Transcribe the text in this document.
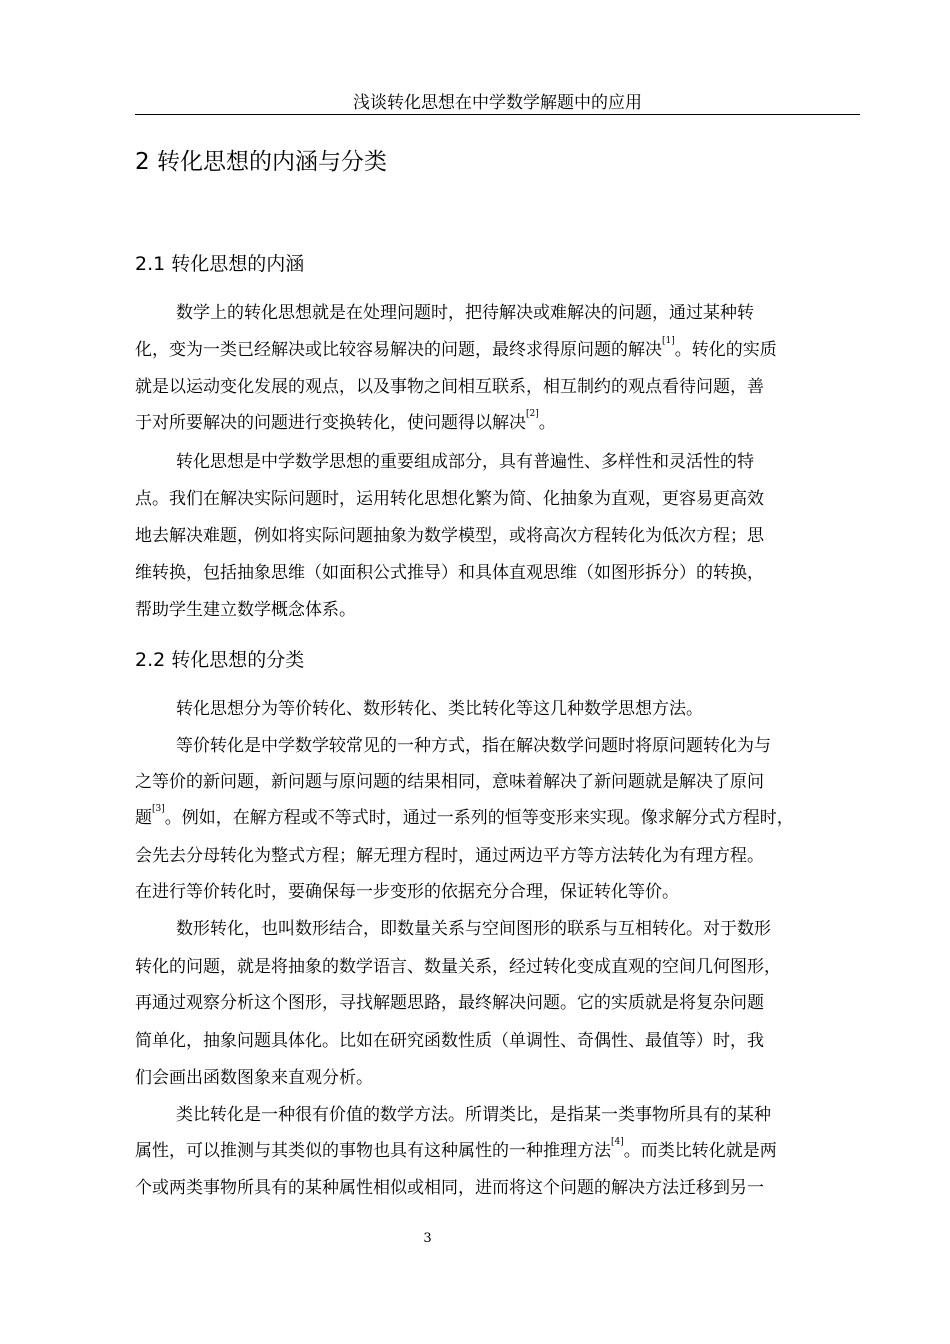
浅谈转化思想在中学数学解题中的应用
2 转化思想的内涵与分类
2.1 转化思想的内涵
数学上的转化思想就是在处理问题时，把待解决或难解决的问题，通过某种转
化，变为一类已经解决或比较容易解决的问题，最终求得原问题的解决[1]。转化的实质
就是以运动变化发展的观点，以及事物之间相互联系，相互制约的观点看待问题，善
于对所要解决的问题进行变换转化，使问题得以解决[2]。
转化思想是中学数学思想的重要组成部分，具有普遍性、多样性和灵活性的特
点。我们在解决实际问题时，运用转化思想化繁为简、化抽象为直观，更容易更高效
地去解决难题，例如将实际问题抽象为数学模型，或将高次方程转化为低次方程；思
维转换，包括抽象思维（如面积公式推导）和具体直观思维（如图形拆分）的转换，
帮助学生建立数学概念体系。
2.2 转化思想的分类
转化思想分为等价转化、数形转化、类比转化等这几种数学思想方法。
等价转化是中学数学较常见的一种方式，指在解决数学问题时将原问题转化为与
之等价的新问题，新问题与原问题的结果相同，意味着解决了新问题就是解决了原问
题[3]。例如，在解方程或不等式时，通过一系列的恒等变形来实现。像求解分式方程时，
会先去分母转化为整式方程；解无理方程时，通过两边平方等方法转化为有理方程。
在进行等价转化时，要确保每一步变形的依据充分合理，保证转化等价。
数形转化，也叫数形结合，即数量关系与空间图形的联系与互相转化。对于数形
转化的问题，就是将抽象的数学语言、数量关系，经过转化变成直观的空间几何图形，
再通过观察分析这个图形，寻找解题思路，最终解决问题。它的实质就是将复杂问题
简单化，抽象问题具体化。比如在研究函数性质（单调性、奇偶性、最值等）时，我
们会画出函数图象来直观分析。
类比转化是一种很有价值的数学方法。所谓类比，是指某一类事物所具有的某种
属性，可以推测与其类似的事物也具有这种属性的一种推理方法[4]。而类比转化就是两
个或两类事物所具有的某种属性相似或相同，进而将这个问题的解决方法迁移到另一
3
